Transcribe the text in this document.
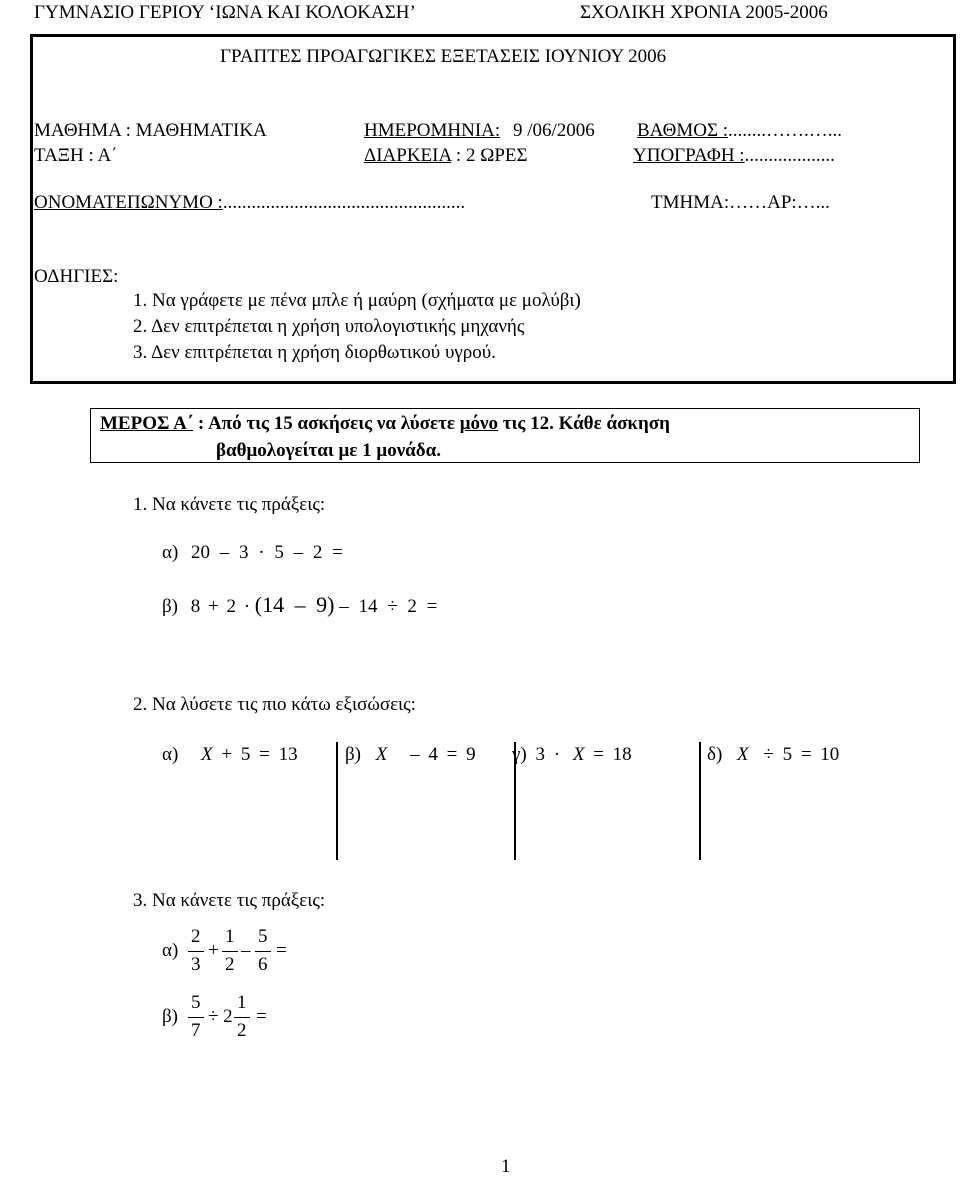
ΓΥΜΝΑΣΙΟ ΓΕΡΙΟΥ ‘ΙΩΝΑ ΚΑΙ ΚΟΛΟΚΑΣΗ’	ΣΧΟΛΙΚΗ ΧΡΟΝΙΑ 2005-2006
ΓΡΑΠΤΕΣ ΠΡΟΑΓΩΓΙΚΕΣ ΕΞΕΤΑΣΕΙΣ ΙΟΥΝΙΟΥ 2006
ΜΑΘΗΜΑ : ΜΑΘΗΜΑΤΙΚΑ	ΗΜΕΡΟΜΗΝΙΑ: 9 /06/2006 ΒΑΘΜΟΣ :........…….…...
ΤΑΞΗ : Α΄	ΔΙΑΡΚΕΙΑ : 2 ΩΡΕΣ	ΥΠΟΓΡΑΦΗ :...................
ΟΝΟΜΑΤΕΠΩΝΥΜΟ :...................................................	ΤΜΗΜΑ:……ΑΡ:…...
ΟΔΗΓΙΕΣ:
1. Να γράφετε με πένα μπλε ή μαύρη (σχήματα με μολύβι)
2. Δεν επιτρέπεται η χρήση υπολογιστικής μηχανής
3. Δεν επιτρέπεται η χρήση διορθωτικού υγρού.
ΜΕΡΟΣ Α΄ : Από τις 15 ασκήσεις να λύσετε μόνο τις 12. Κάθε άσκηση
βαθμολογείται με 1 μονάδα.
1. Να κάνετε τις πράξεις:
α) 20 – 3 · 5 – 2 =
β) 8 + 2 · (14 – 9) – 14 ÷ 2 =
2. Να λύσετε τις πιο κάτω εξισώσεις:
α) Χ + 5 = 13 β) Χ – 4 = 9 γ) 3 · Χ = 18	δ) Χ ÷ 5 = 10
3. Να κάνετε τις πράξεις:
α)
2
3
+
1
2
–
5
6
=
β)
5
7
÷ 2
1
2
=
1
